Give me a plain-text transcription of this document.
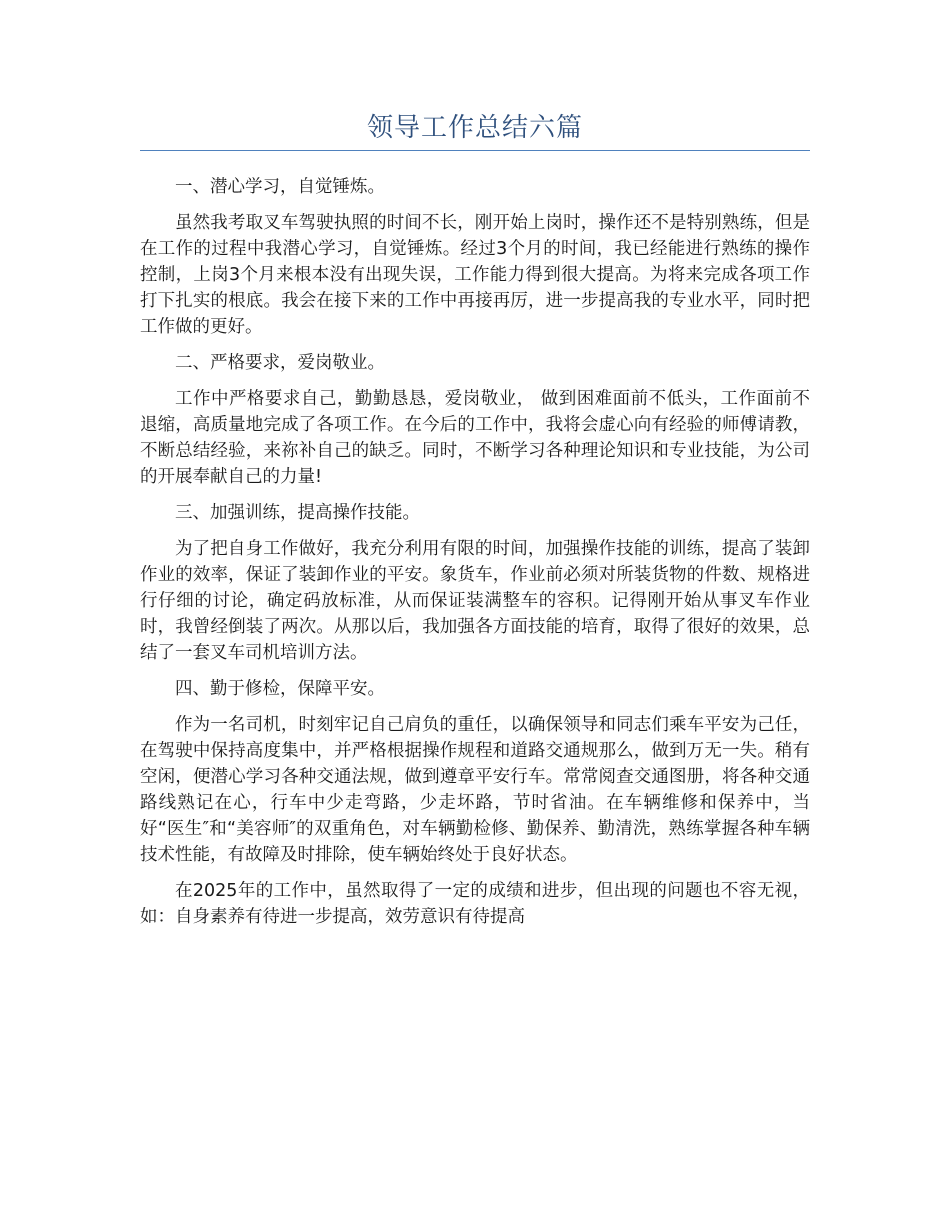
领导工作总结六篇

一、潜心学习，自觉锤炼。

虽然我考取叉车驾驶执照的时间不长，刚开始上岗时，操作还不是特别熟练，但是在工作的过程中我潜心学习，自觉锤炼。经过3个月的时间，我已经能进行熟练的操作控制，上岗3个月来根本没有出现失误，工作能力得到很大提高。为将来完成各项工作打下扎实的根底。我会在接下来的工作中再接再厉，进一步提高我的专业水平，同时把工作做的更好。

二、严格要求，爱岗敬业。

工作中严格要求自己，勤勤恳恳，爱岗敬业， 做到困难面前不低头，工作面前不退缩，高质量地完成了各项工作。在今后的工作中，我将会虚心向有经验的师傅请教，不断总结经验，来祢补自己的缺乏。同时，不断学习各种理论知识和专业技能，为公司的开展奉献自己的力量!

三、加强训练，提高操作技能。

为了把自身工作做好，我充分利用有限的时间，加强操作技能的训练，提高了装卸作业的效率，保证了装卸作业的平安。象货车，作业前必须对所装货物的件数、规格进行仔细的讨论，确定码放标准，从而保证装满整车的容积。记得刚开始从事叉车作业时，我曾经倒装了两次。从那以后，我加强各方面技能的培育，取得了很好的效果，总结了一套叉车司机培训方法。

四、勤于修检，保障平安。

作为一名司机，时刻牢记自己肩负的重任，以确保领导和同志们乘车平安为己任，在驾驶中保持高度集中，并严格根据操作规程和道路交通规那么，做到万无一失。稍有空闲，便潜心学习各种交通法规，做到遵章平安行车。常常阅查交通图册，将各种交通路线熟记在心，行车中少走弯路，少走坏路，节时省油。在车辆维修和保养中，当好“医生″和“美容师″的双重角色，对车辆勤检修、勤保养、勤清洗，熟练掌握各种车辆技术性能，有故障及时排除，使车辆始终处于良好状态。

在2025年的工作中，虽然取得了一定的成绩和进步，但出现的问题也不容无视，如：自身素养有待进一步提高，效劳意识有待提高
